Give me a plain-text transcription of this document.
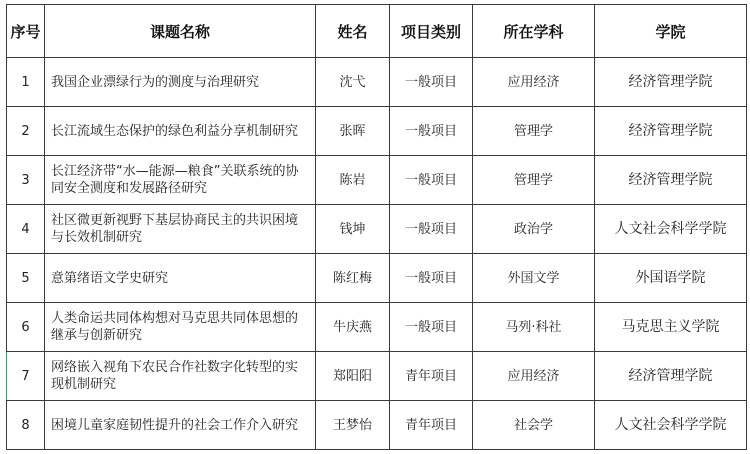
序号	课题名称	姓名	项目类别	所在学科	学院
1	我国企业漂绿行为的测度与治理研究	沈弋	一般项目	应用经济	经济管理学院
2	长江流域生态保护的绿色利益分享机制研究	张晖	一般项目	管理学	经济管理学院
3	长江经济带“水—能源—粮食”关联系统的协同安全测度和发展路径研究	陈岩	一般项目	管理学	经济管理学院
4	社区微更新视野下基层协商民主的共识困境与长效机制研究	钱坤	一般项目	政治学	人文社会科学学院
5	意第绪语文学史研究	陈红梅	一般项目	外国文学	外国语学院
6	人类命运共同体构想对马克思共同体思想的继承与创新研究	牛庆燕	一般项目	马列·科社	马克思主义学院
7	网络嵌入视角下农民合作社数字化转型的实现机制研究	郑阳阳	青年项目	应用经济	经济管理学院
8	困境儿童家庭韧性提升的社会工作介入研究	王梦怡	青年项目	社会学	人文社会科学学院
